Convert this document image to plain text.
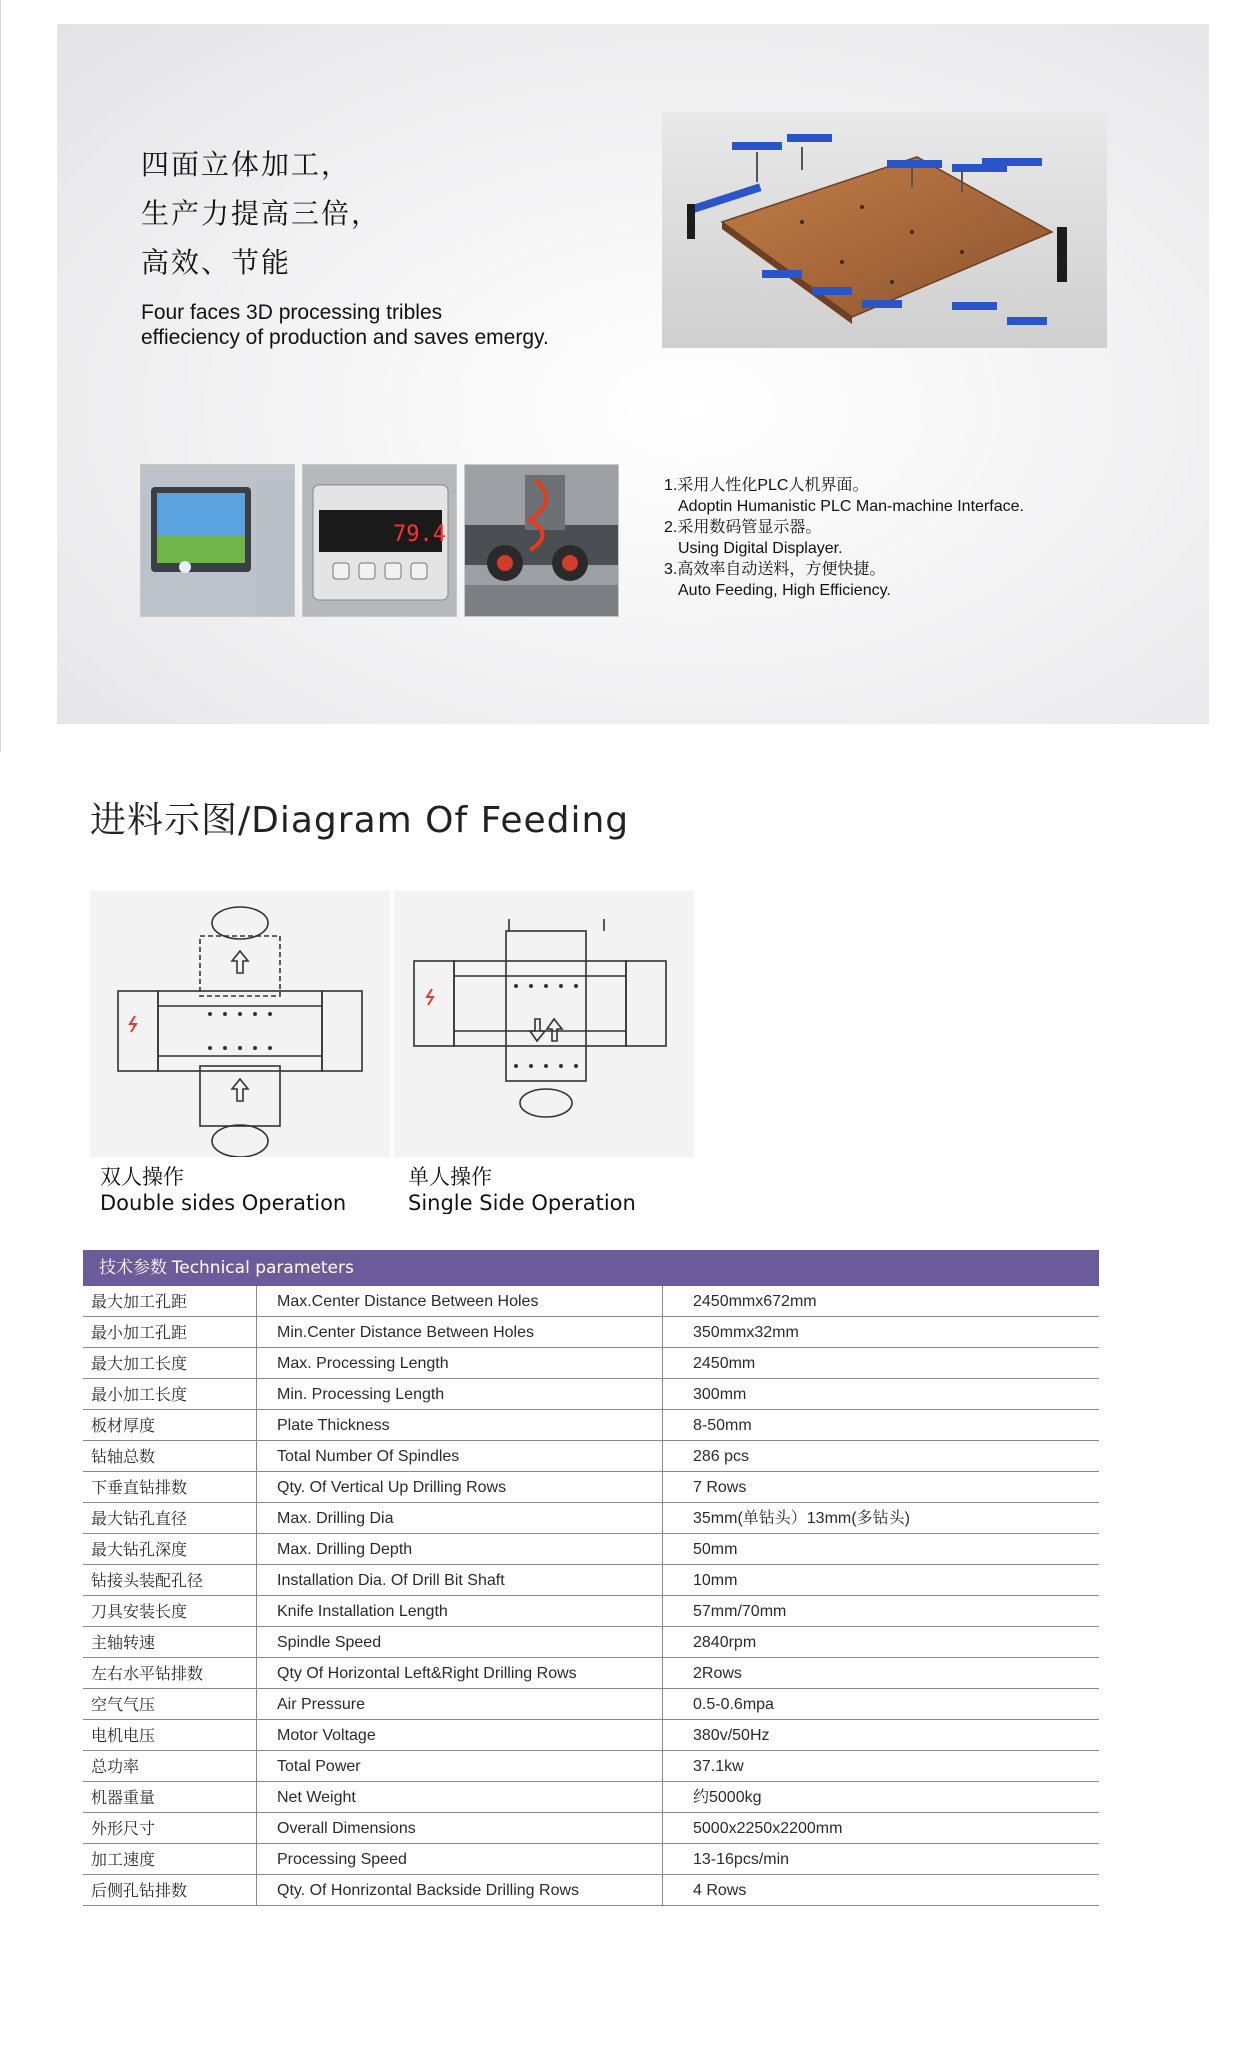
四面立体加工，
生产力提高三倍，
高效、节能
Four faces 3D processing tribles
effieciency of production and saves emergy.
79.4
1.采用人性化PLC人机界面。
Adoptin Humanistic PLC Man-machine Interface.
2.采用数码管显示器。
Using Digital Displayer.
3.高效率自动送料，方便快捷。
Auto Feeding, High Efficiency.
进料示图/Diagram Of Feeding
双人操作
Double sides Operation
单人操作
Single Side Operation
技术参数 Technical parameters
最大加工孔距	Max.Center Distance Between Holes	2450mmx672mm
最小加工孔距	Min.Center Distance Between Holes	350mmx32mm
最大加工长度	Max. Processing Length	2450mm
最小加工长度	Min. Processing Length	300mm
板材厚度	Plate Thickness	8-50mm
钻轴总数	Total Number Of Spindles	286 pcs
下垂直钻排数	Qty. Of Vertical Up Drilling Rows	7 Rows
最大钻孔直径	Max. Drilling Dia	35mm(单钻头）13mm(多钻头)
最大钻孔深度	Max. Drilling Depth	50mm
钻接头装配孔径	Installation Dia. Of Drill Bit Shaft	10mm
刀具安装长度	Knife Installation Length	57mm/70mm
主轴转速	Spindle Speed	2840rpm
左右水平钻排数	Qty Of Horizontal Left&Right Drilling Rows	2Rows
空气气压	Air Pressure	0.5-0.6mpa
电机电压	Motor Voltage	380v/50Hz
总功率	Total Power	37.1kw
机器重量	Net Weight	约5000kg
外形尺寸	Overall Dimensions	5000x2250x2200mm
加工速度	Processing Speed	13-16pcs/min
后侧孔钻排数	Qty. Of Honrizontal Backside Drilling Rows	4 Rows
